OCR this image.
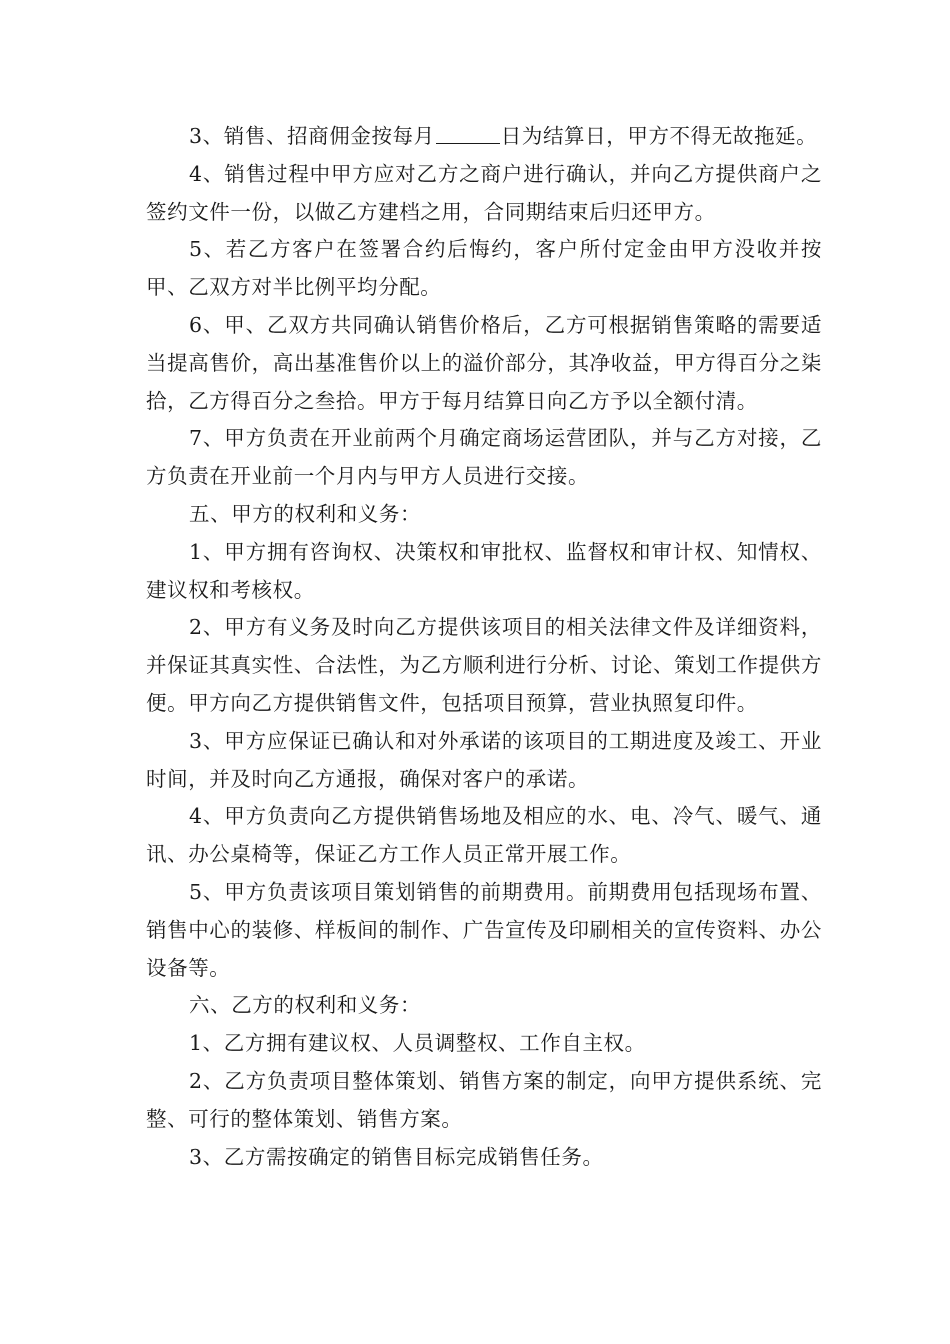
3、销售、招商佣金按每月	日为结算日，甲方不得无故拖延。

4、销售过程中甲方应对乙方之商户进行确认，并向乙方提供商户之签约文件一份，以做乙方建档之用，合同期结束后归还甲方。

5、若乙方客户在签署合约后悔约，客户所付定金由甲方没收并按甲、乙双方对半比例平均分配。

6、甲、乙双方共同确认销售价格后，乙方可根据销售策略的需要适当提高售价，高出基准售价以上的溢价部分，其净收益，甲方得百分之柒拾，乙方得百分之叁拾。甲方于每月结算日向乙方予以全额付清。

7、甲方负责在开业前两个月确定商场运营团队，并与乙方对接，乙方负责在开业前一个月内与甲方人员进行交接。

五、甲方的权利和义务：

1、甲方拥有咨询权、决策权和审批权、监督权和审计权、知情权、建议权和考核权。

2、甲方有义务及时向乙方提供该项目的相关法律文件及详细资料，并保证其真实性、合法性，为乙方顺利进行分析、讨论、策划工作提供方便。甲方向乙方提供销售文件，包括项目预算，营业执照复印件。

3、甲方应保证已确认和对外承诺的该项目的工期进度及竣工、开业时间，并及时向乙方通报，确保对客户的承诺。

4、甲方负责向乙方提供销售场地及相应的水、电、冷气、暖气、通讯、办公桌椅等，保证乙方工作人员正常开展工作。

5、甲方负责该项目策划销售的前期费用。前期费用包括现场布置、销售中心的装修、样板间的制作、广告宣传及印刷相关的宣传资料、办公设备等。

六、乙方的权利和义务：

1、乙方拥有建议权、人员调整权、工作自主权。

2、乙方负责项目整体策划、销售方案的制定，向甲方提供系统、完整、可行的整体策划、销售方案。

3、乙方需按确定的销售目标完成销售任务。
